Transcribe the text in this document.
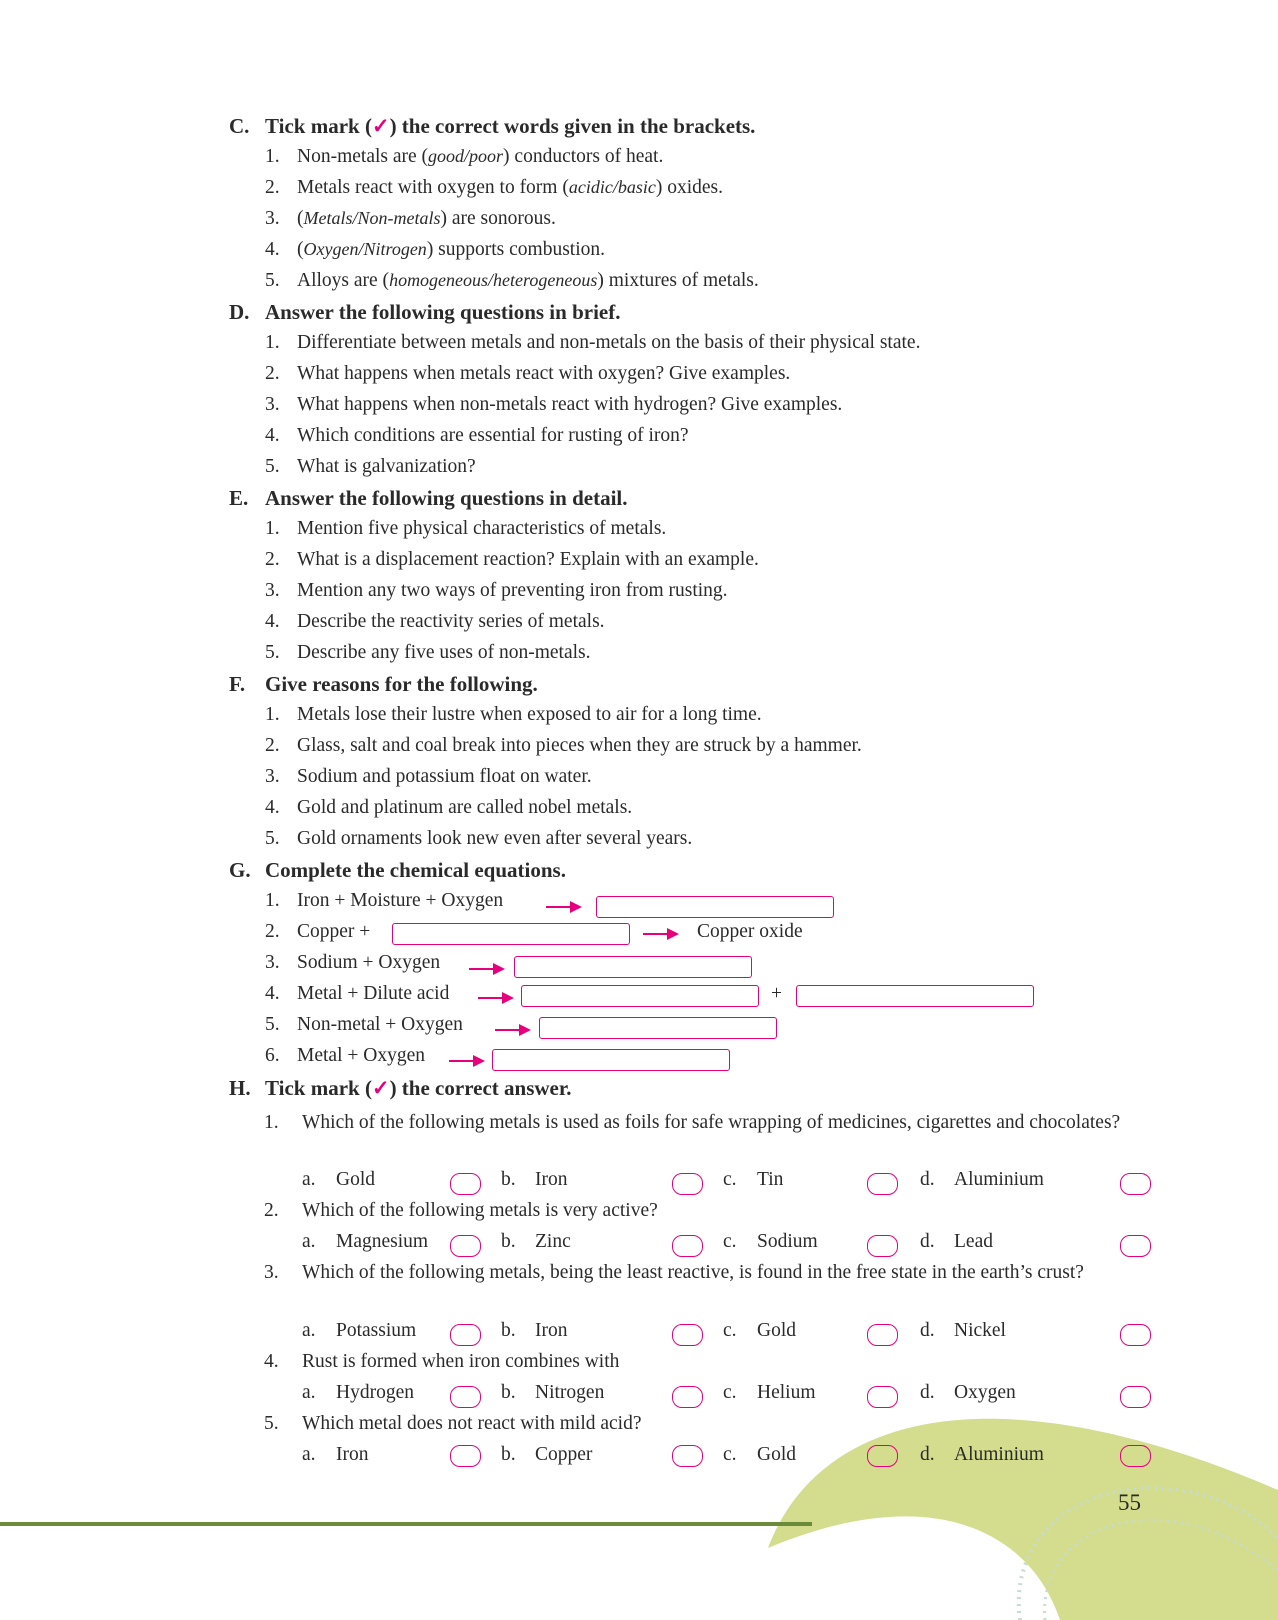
C. Tick mark (✓) the correct words given in the brackets.
1. Non-metals are (good/poor) conductors of heat.
2. Metals react with oxygen to form (acidic/basic) oxides.
3. (Metals/Non-metals) are sonorous.
4. (Oxygen/Nitrogen) supports combustion.
5. Alloys are (homogeneous/heterogeneous) mixtures of metals.
D. Answer the following questions in brief.
1. Differentiate between metals and non-metals on the basis of their physical state.
2. What happens when metals react with oxygen? Give examples.
3. What happens when non-metals react with hydrogen? Give examples.
4. Which conditions are essential for rusting of iron?
5. What is galvanization?
E. Answer the following questions in detail.
1. Mention five physical characteristics of metals.
2. What is a displacement reaction? Explain with an example.
3. Mention any two ways of preventing iron from rusting.
4. Describe the reactivity series of metals.
5. Describe any five uses of non-metals.
F. Give reasons for the following.
1. Metals lose their lustre when exposed to air for a long time.
2. Glass, salt and coal break into pieces when they are struck by a hammer.
3. Sodium and potassium float on water.
4. Gold and platinum are called nobel metals.
5. Gold ornaments look new even after several years.
G. Complete the chemical equations.
1. Iron + Moisture + Oxygen
2. Copper +	Copper oxide
3. Sodium + Oxygen
4. Metal + Dilute acid	+
5. Non-metal + Oxygen
6. Metal + Oxygen
H. Tick mark (✓) the correct answer.
1. Which of the following metals is used as foils for safe wrapping of medicines, cigarettes and chocolates?
a. Gold	b. Iron	c. Tin	d. Aluminium
2. Which of the following metals is very active?
a. Magnesium	b. Zinc	c. Sodium	d. Lead
3. Which of the following metals, being the least reactive, is found in the free state in the earth’s crust?
a. Potassium	b. Iron	c. Gold	d. Nickel
4. Rust is formed when iron combines with
a. Hydrogen	b. Nitrogen	c. Helium	d. Oxygen
5. Which metal does not react with mild acid?
a. Iron	b. Copper	c. Gold	d. Aluminium
55
